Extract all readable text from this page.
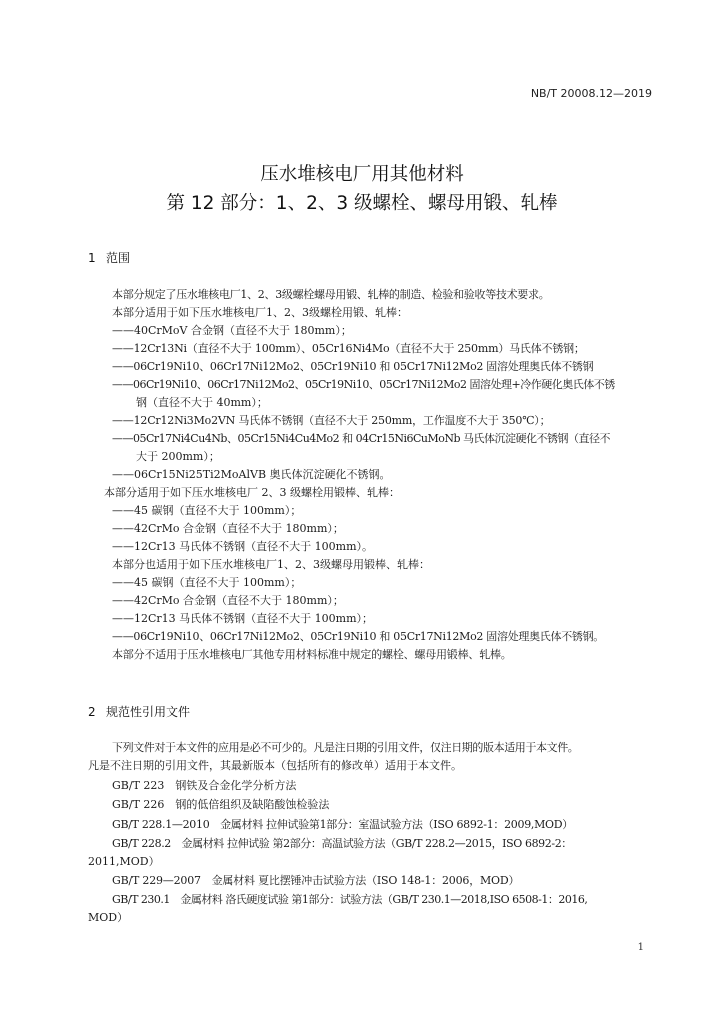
NB/T 20008.12—2019
压水堆核电厂用其他材料
第 12 部分：1、2、3 级螺栓、螺母用锻、轧棒
1 范围
本部分规定了压水堆核电厂1、2、3级螺栓螺母用锻、轧棒的制造、检验和验收等技术要求。
本部分适用于如下压水堆核电厂1、2、3级螺栓用锻、轧棒：
——40CrMoV 合金钢（直径不大于 180mm）；
——12Cr13Ni（直径不大于 100mm）、05Cr16Ni4Mo（直径不大于 250mm）马氏体不锈钢；
——06Cr19Ni10、06Cr17Ni12Mo2、05Cr19Ni10 和 05Cr17Ni12Mo2 固溶处理奥氏体不锈钢
——06Cr19Ni10、06Cr17Ni12Mo2、05Cr19Ni10、05Cr17Ni12Mo2 固溶处理+冷作硬化奥氏体不锈
钢（直径不大于 40mm）；
——12Cr12Ni3Mo2VN 马氏体不锈钢（直径不大于 250mm，工作温度不大于 350℃）；
——05Cr17Ni4Cu4Nb、05Cr15Ni4Cu4Mo2 和 04Cr15Ni6CuMoNb 马氏体沉淀硬化不锈钢（直径不
大于 200mm）；
——06Cr15Ni25Ti2MoAlVB 奥氏体沉淀硬化不锈钢。
本部分适用于如下压水堆核电厂 2、3 级螺栓用锻棒、轧棒：
——45 碳钢（直径不大于 100mm）；
——42CrMo 合金钢（直径不大于 180mm）；
——12Cr13 马氏体不锈钢（直径不大于 100mm）。
本部分也适用于如下压水堆核电厂1、2、3级螺母用锻棒、轧棒：
——45 碳钢（直径不大于 100mm）；
——42CrMo 合金钢（直径不大于 180mm）；
——12Cr13 马氏体不锈钢（直径不大于 100mm）；
——06Cr19Ni10、06Cr17Ni12Mo2、05Cr19Ni10 和 05Cr17Ni12Mo2 固溶处理奥氏体不锈钢。
本部分不适用于压水堆核电厂其他专用材料标准中规定的螺栓、螺母用锻棒、轧棒。
2 规范性引用文件
下列文件对于本文件的应用是必不可少的。凡是注日期的引用文件，仅注日期的版本适用于本文件。
凡是不注日期的引用文件，其最新版本（包括所有的修改单）适用于本文件。
GB/T 223　钢铁及合金化学分析方法
GB/T 226　钢的低倍组织及缺陷酸蚀检验法
GB/T 228.1—2010　金属材料 拉伸试验第1部分：室温试验方法（ISO 6892-1：2009,MOD）
GB/T 228.2　金属材料 拉伸试验 第2部分：高温试验方法（GB/T 228.2—2015，ISO 6892-2：
2011,MOD）
GB/T 229—2007　金属材料 夏比摆锤冲击试验方法（ISO 148-1：2006，MOD）
GB/T 230.1　金属材料 洛氏硬度试验 第1部分：试验方法（GB/T 230.1—2018,ISO 6508-1：2016,
MOD）
1
